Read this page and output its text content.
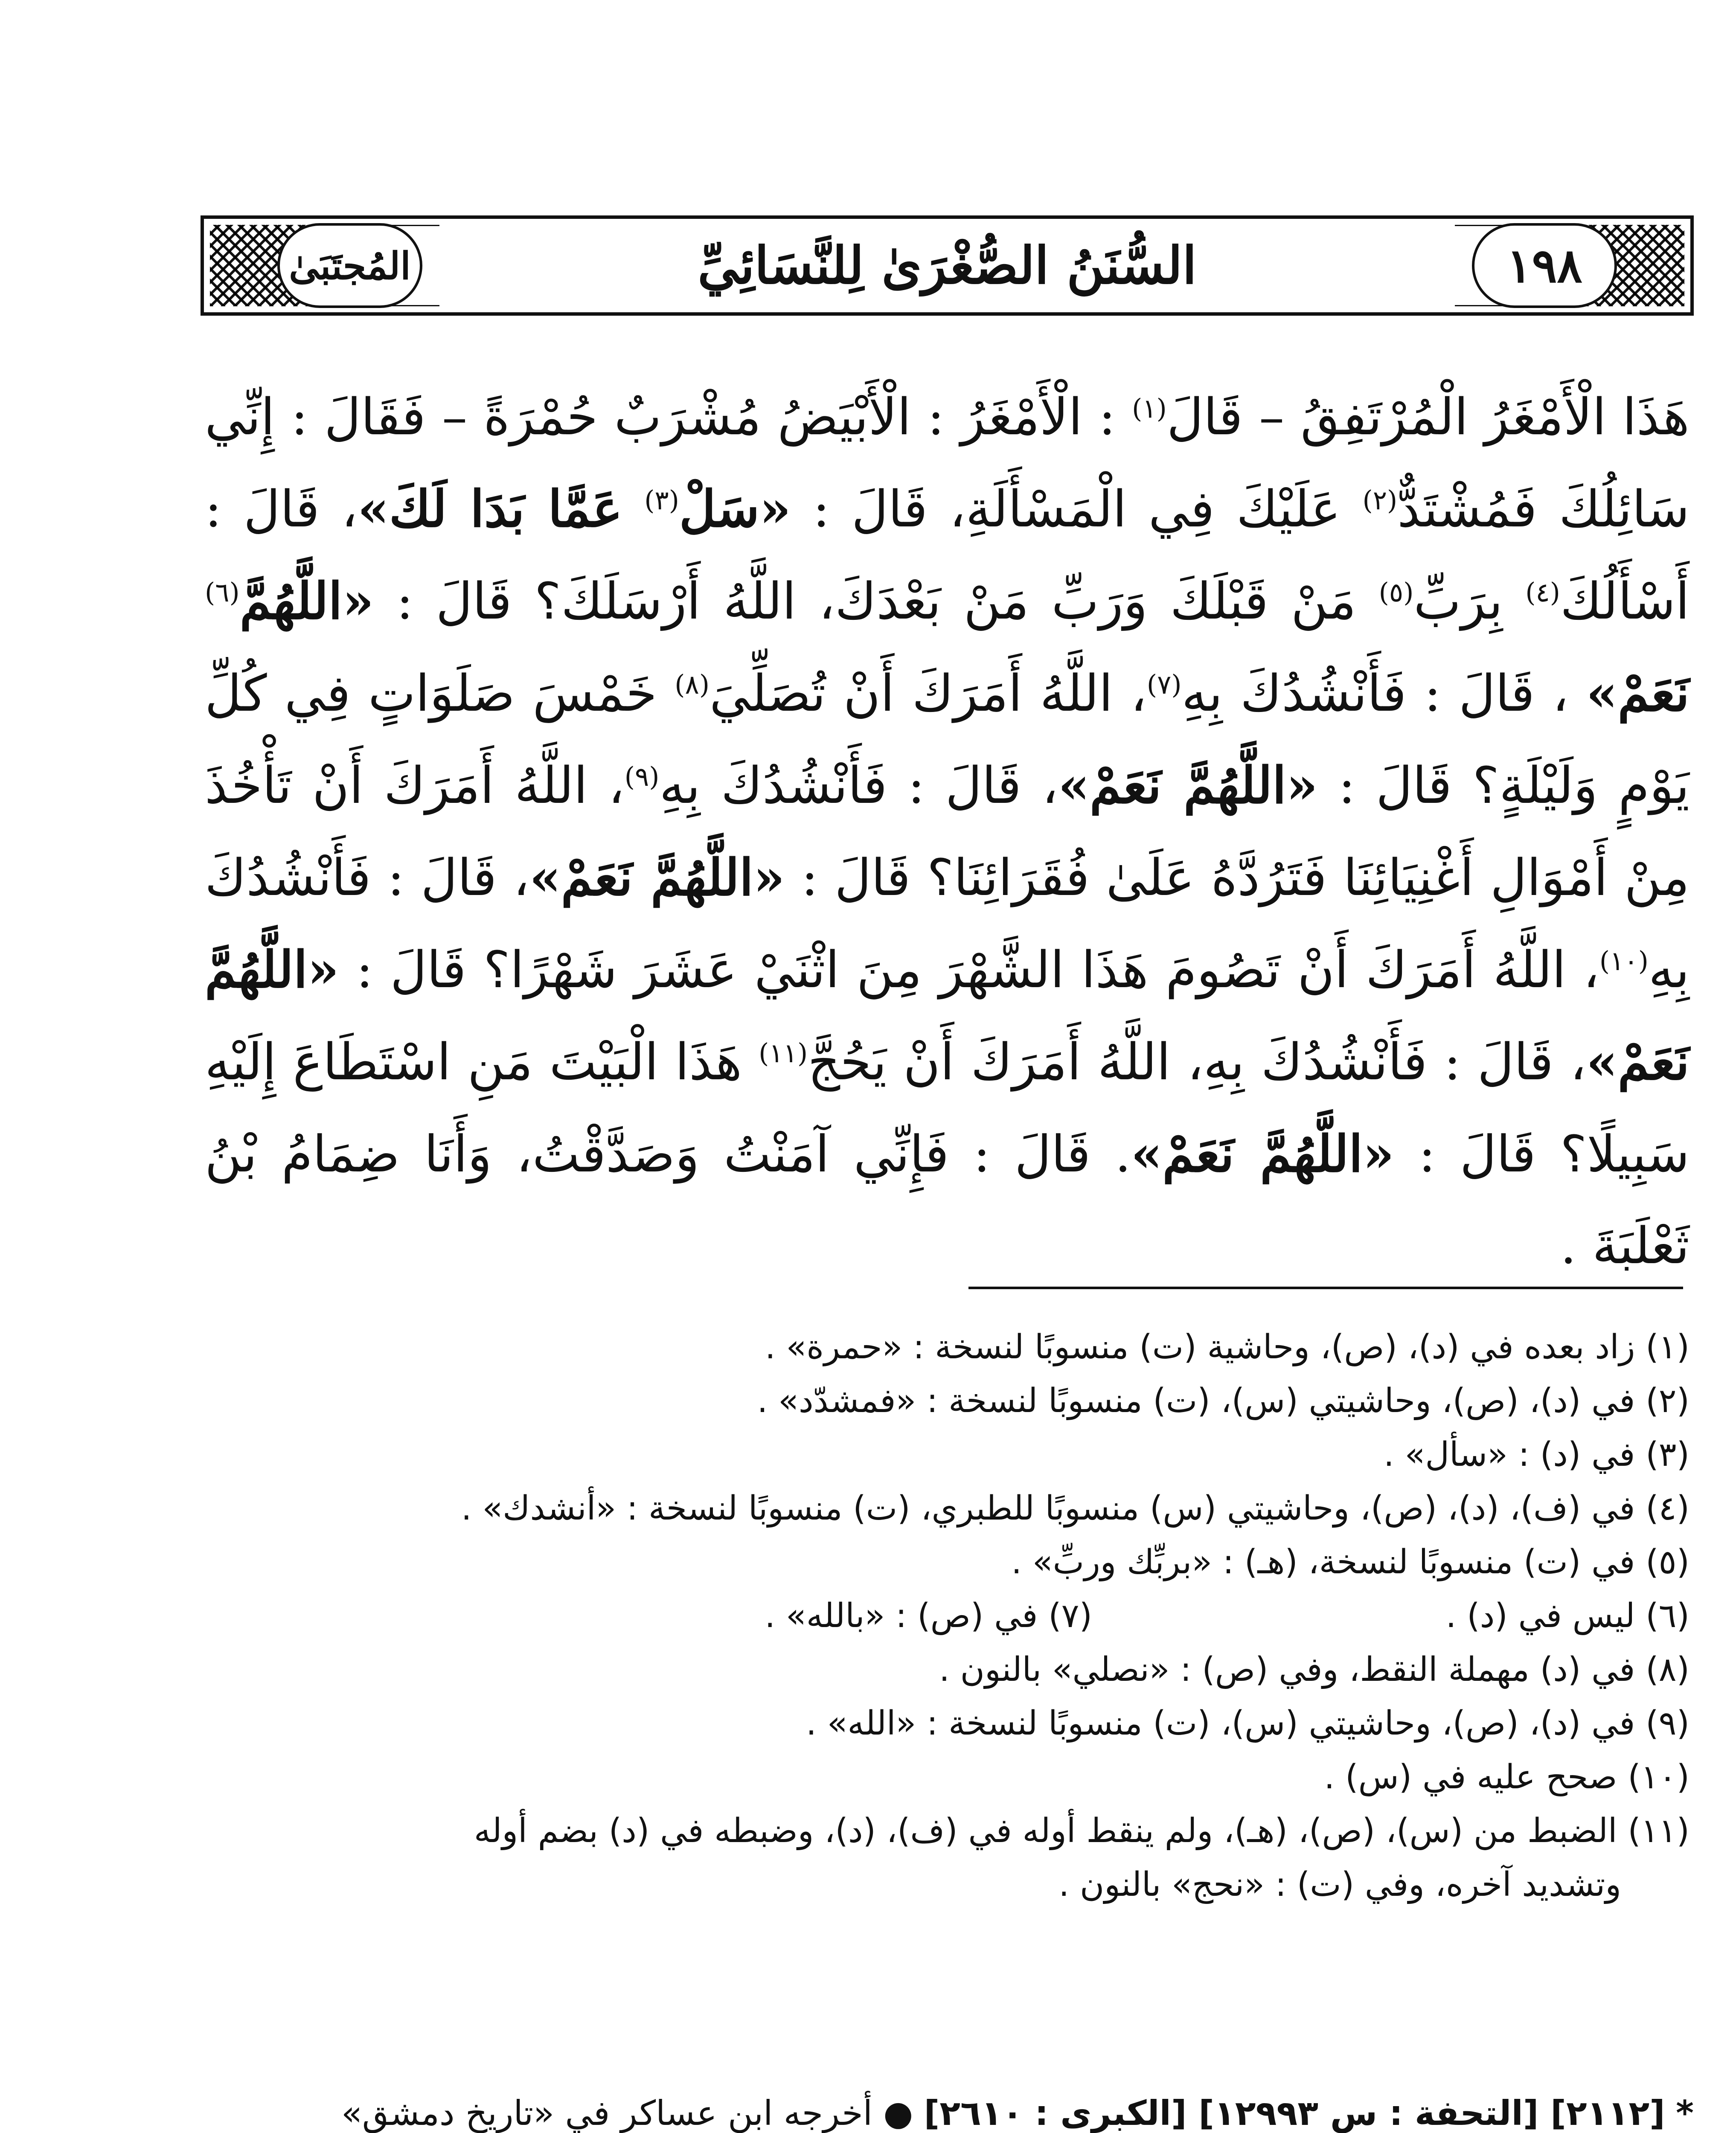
المُجتَبَىٰ	السُّنَنُ الصُّغْرَىٰ لِلنَّسَائِيِّ	١٩٨
هَذَا الْأَمْغَرُ الْمُرْتَفِقُ – قَالَ$^{(١)}$ : الْأَمْغَرُ : الْأَبْيَضُ مُشْرَبٌ حُمْرَةً – فَقَالَ : إِنِّي سَائِلُكَ فَمُشْتَدٌّ$^{(٢)}$ عَلَيْكَ فِي الْمَسْأَلَةِ، قَالَ : «سَلْ$^{(٣)}$ عَمَّا بَدَا لَكَ»، قَالَ : أَسْأَلُكَ$^{(٤)}$ بِرَبِّ$^{(٥)}$ مَنْ قَبْلَكَ وَرَبِّ مَنْ بَعْدَكَ، اللَّهُ أَرْسَلَكَ؟ قَالَ : «اللَّهُمَّ$^{(٦)}$ نَعَمْ» ، قَالَ : فَأَنْشُدُكَ بِهِ$^{(٧)}$، اللَّهُ أَمَرَكَ أَنْ تُصَلِّيَ$^{(٨)}$ خَمْسَ صَلَوَاتٍ فِي كُلِّ يَوْمٍ وَلَيْلَةٍ؟ قَالَ : «اللَّهُمَّ نَعَمْ»، قَالَ : فَأَنْشُدُكَ بِهِ$^{(٩)}$، اللَّهُ أَمَرَكَ أَنْ تَأْخُذَ مِنْ أَمْوَالِ أَغْنِيَائِنَا فَتَرُدَّهُ عَلَىٰ فُقَرَائِنَا؟ قَالَ : «اللَّهُمَّ نَعَمْ»، قَالَ : فَأَنْشُدُكَ بِهِ$^{(١٠)}$، اللَّهُ أَمَرَكَ أَنْ تَصُومَ هَذَا الشَّهْرَ مِنَ اثْنَيْ عَشَرَ شَهْرًا؟ قَالَ : «اللَّهُمَّ نَعَمْ»، قَالَ : فَأَنْشُدُكَ بِهِ، اللَّهُ أَمَرَكَ أَنْ يَحُجَّ$^{(١١)}$ هَذَا الْبَيْتَ مَنِ اسْتَطَاعَ إِلَيْهِ سَبِيلًا؟ قَالَ : «اللَّهُمَّ نَعَمْ». قَالَ : فَإِنِّي آمَنْتُ وَصَدَّقْتُ، وَأَنَا ضِمَامُ بْنُ ثَعْلَبَةَ .
(١) زاد بعده في (د)، (ص)، وحاشية (ت) منسوبًا لنسخة : «حمرة» .
(٢) في (د)، (ص)، وحاشيتي (س)، (ت) منسوبًا لنسخة : «فمشدّد» .
(٣) في (د) : «سأل» .
(٤) في (ف)، (د)، (ص)، وحاشيتي (س) منسوبًا للطبري، (ت) منسوبًا لنسخة : «أنشدك» .
(٥) في (ت) منسوبًا لنسخة، (هـ) : «بربِّك وربِّ» .
(٦) ليس في (د) .
(٧) في (ص) : «بالله» .
(٨) في (د) مهملة النقط، وفي (ص) : «نصلي» بالنون .
(٩) في (د)، (ص)، وحاشيتي (س)، (ت) منسوبًا لنسخة : «الله» .
(١٠) صحح عليه في (س) .
(١١) الضبط من (س)، (ص)، (هـ)، ولم ينقط أوله في (ف)، (د)، وضبطه في (د) بضم أوله
وتشديد آخره، وفي (ت) : «نحج» بالنون .
* [٢١١٢] [التحفة : س ١٢٩٩٣] [الكبرى : ٢٦١٠] ● أخرجه ابن عساكر في «تاريخ دمشق»
